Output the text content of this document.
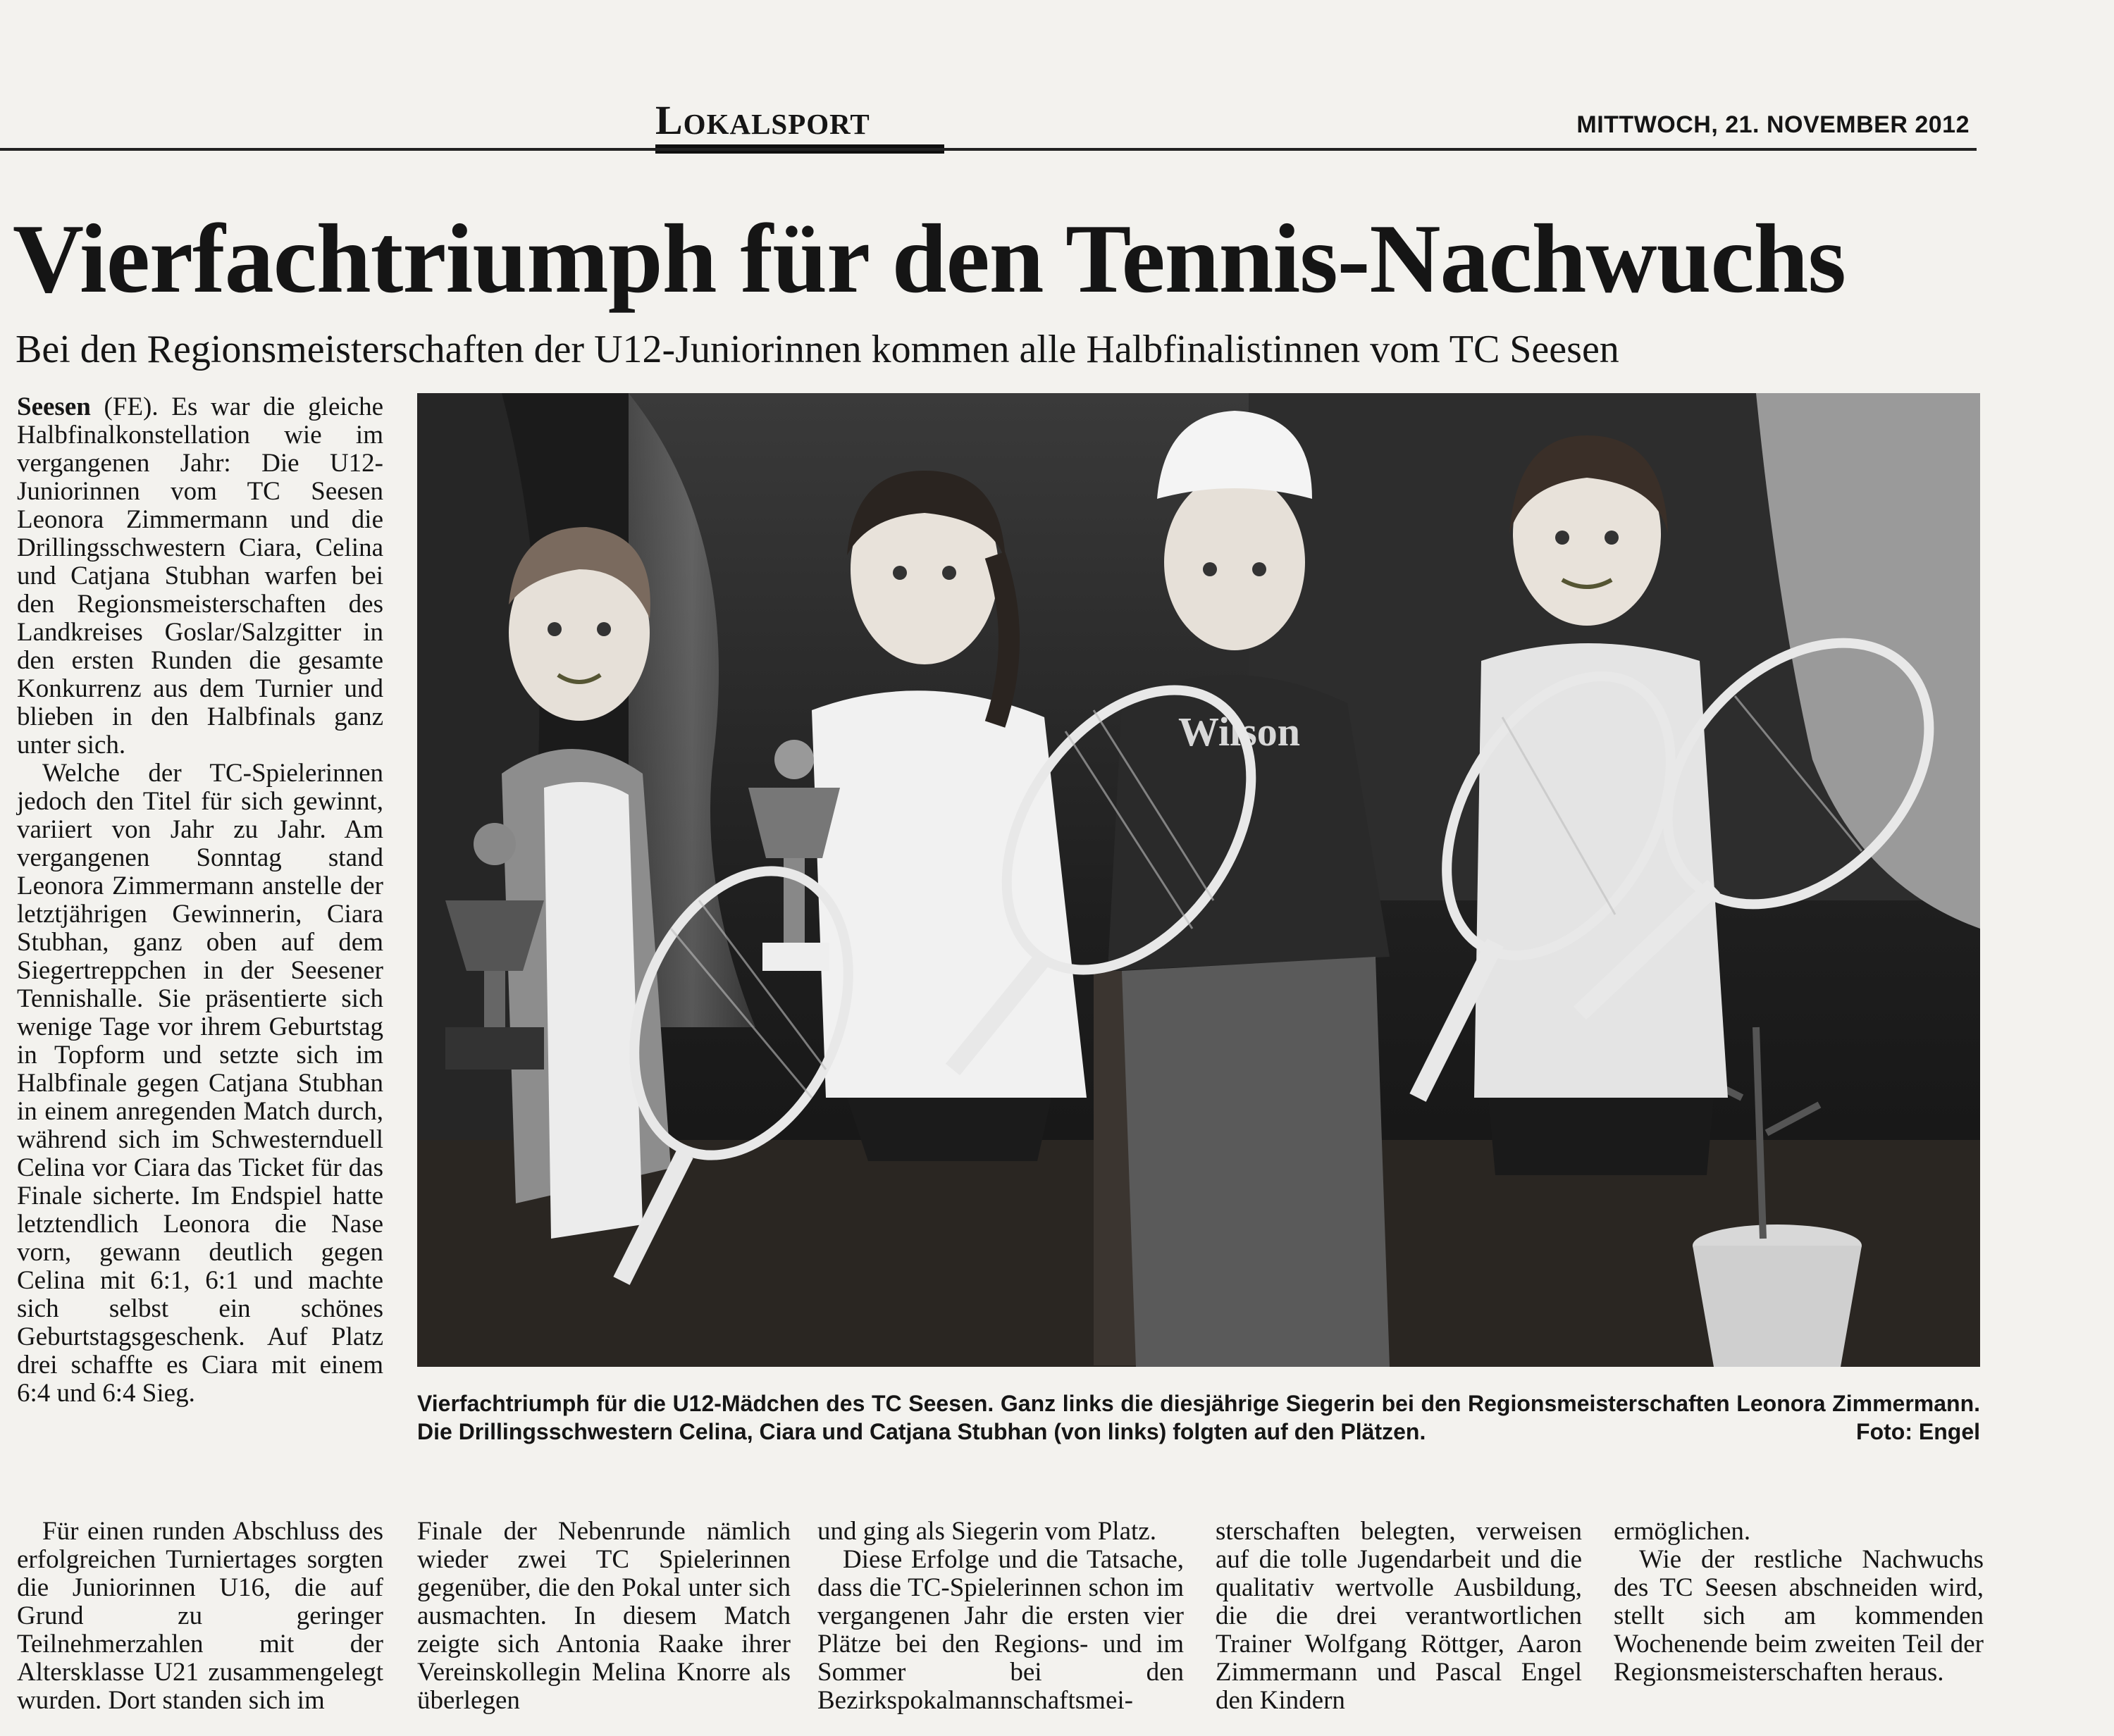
Lokalsport	MITTWOCH, 21. NOVEMBER 2012
Vierfachtriumph für den Tennis-Nachwuchs
Bei den Regionsmeisterschaften der U12-Juniorinnen kommen alle Halbfinalistinnen vom TC Seesen

Seesen (FE). Es war die gleiche Halbfinalkonstellation wie im vergangenen Jahr: Die U12-Juniorinnen vom TC Seesen Leonora Zimmermann und die Drillingsschwestern Ciara, Celina und Catjana Stubhan warfen bei den Regionsmeisterschaften des Landkreises Goslar/Salzgitter in den ersten Runden die gesamte Konkurrenz aus dem Turnier und blieben in den Halbfinals ganz unter sich.

Welche der TC-Spielerinnen jedoch den Titel für sich gewinnt, variiert von Jahr zu Jahr. Am vergangenen Sonntag stand Leonora Zimmermann anstelle der letztjährigen Gewinnerin, Ciara Stubhan, ganz oben auf dem Siegertreppchen in der Seesener Tennishalle. Sie präsentierte sich wenige Tage vor ihrem Geburtstag in Topform und setzte sich im Halbfinale gegen Catjana Stubhan in einem anregenden Match durch, während sich im Schwesternduell Celina vor Ciara das Ticket für das Finale sicherte. Im Endspiel hatte letztendlich Leonora die Nase vorn, gewann deutlich gegen Celina mit 6:1, 6:1 und machte sich selbst ein schönes Geburtstagsgeschenk. Auf Platz drei schaffte es Ciara mit einem 6:4 und 6:4 Sieg.

Wilson
Vierfachtriumph für die U12-Mädchen des TC Seesen. Ganz links die diesjährige Siegerin bei den Regionsmeisterschaften Leonora Zimmermann. Die Drillingsschwestern Celina, Ciara und Catjana Stubhan (von links) folgten auf den Plätzen.	Foto: Engel

Für einen runden Abschluss des erfolgreichen Turniertages sorgten die Juniorinnen U16, die auf Grund zu geringer Teilnehmerzahlen mit der Altersklasse U21 zusammengelegt wurden. Dort standen sich im

Finale der Nebenrunde nämlich wieder zwei TC Spielerinnen gegenüber, die den Pokal unter sich ausmachten. In diesem Match zeigte sich Antonia Raake ihrer Vereinskollegin Melina Knorre als überlegen

und ging als Siegerin vom Platz.

Diese Erfolge und die Tatsache, dass die TC-Spielerinnen schon im vergangenen Jahr die ersten vier Plätze bei den Regions- und im Sommer bei den Bezirkspokalmannschaftsmei-

sterschaften belegten, verweisen auf die tolle Jugendarbeit und die qualitativ wertvolle Ausbildung, die die drei verantwortlichen Trainer Wolfgang Röttger, Aaron Zimmermann und Pascal Engel den Kindern

ermöglichen.

Wie der restliche Nachwuchs des TC Seesen abschneiden wird, stellt sich am kommenden Wochenende beim zweiten Teil der Regionsmeisterschaften heraus.
